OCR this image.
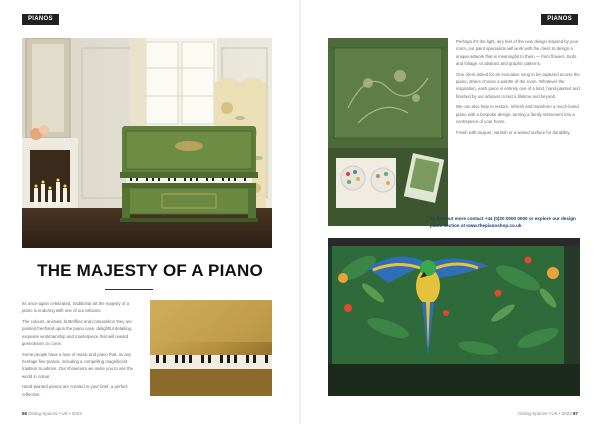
PIANOS
THE MAJESTY OF A PIANO

Its once-again celebrated, traditional art the majesty of a piano is enduring with one of our artisans.

The colours, animals, butterflies and composition they are painted freehand upon the piano case, delightful detailing, exquisite workmanship and masterpiece that will reward generations to come.

Some people have a love of music and piano that, as any heritage fine pianos, including a compelling magnificent tradition to admire. Our showroom we invite you to see the world in colour.

Hand-painted pianos are created to your brief, a perfect reflection.

86 Dining Spaces • UK • 2023
PIANOS

Perhaps it's the light, airy feel of the new design inspired by your room, our paint specialists will work with the client to design a unique artwork that is meaningful to them — from flowers, birds and foliage, to abstract and graphic patterns.

One client asked for an evocative song to be captured across the piano, others choose a palette of the room. Whatever the inspiration, each piece is entirely one of a kind, hand-painted and finished by our artisans to last a lifetime and beyond.

We can also help to restore, refresh and transform a much-loved piano with a bespoke design, turning a family instrument into a centrepiece of your home.

Finish with lacquer, varnish or a waxed surface for durability.

To find out more contact +44 (0)20 0000 0000 or explore our design piano section at www.thepianoshop.co.uk
Dining Spaces • UK • 2023 87
